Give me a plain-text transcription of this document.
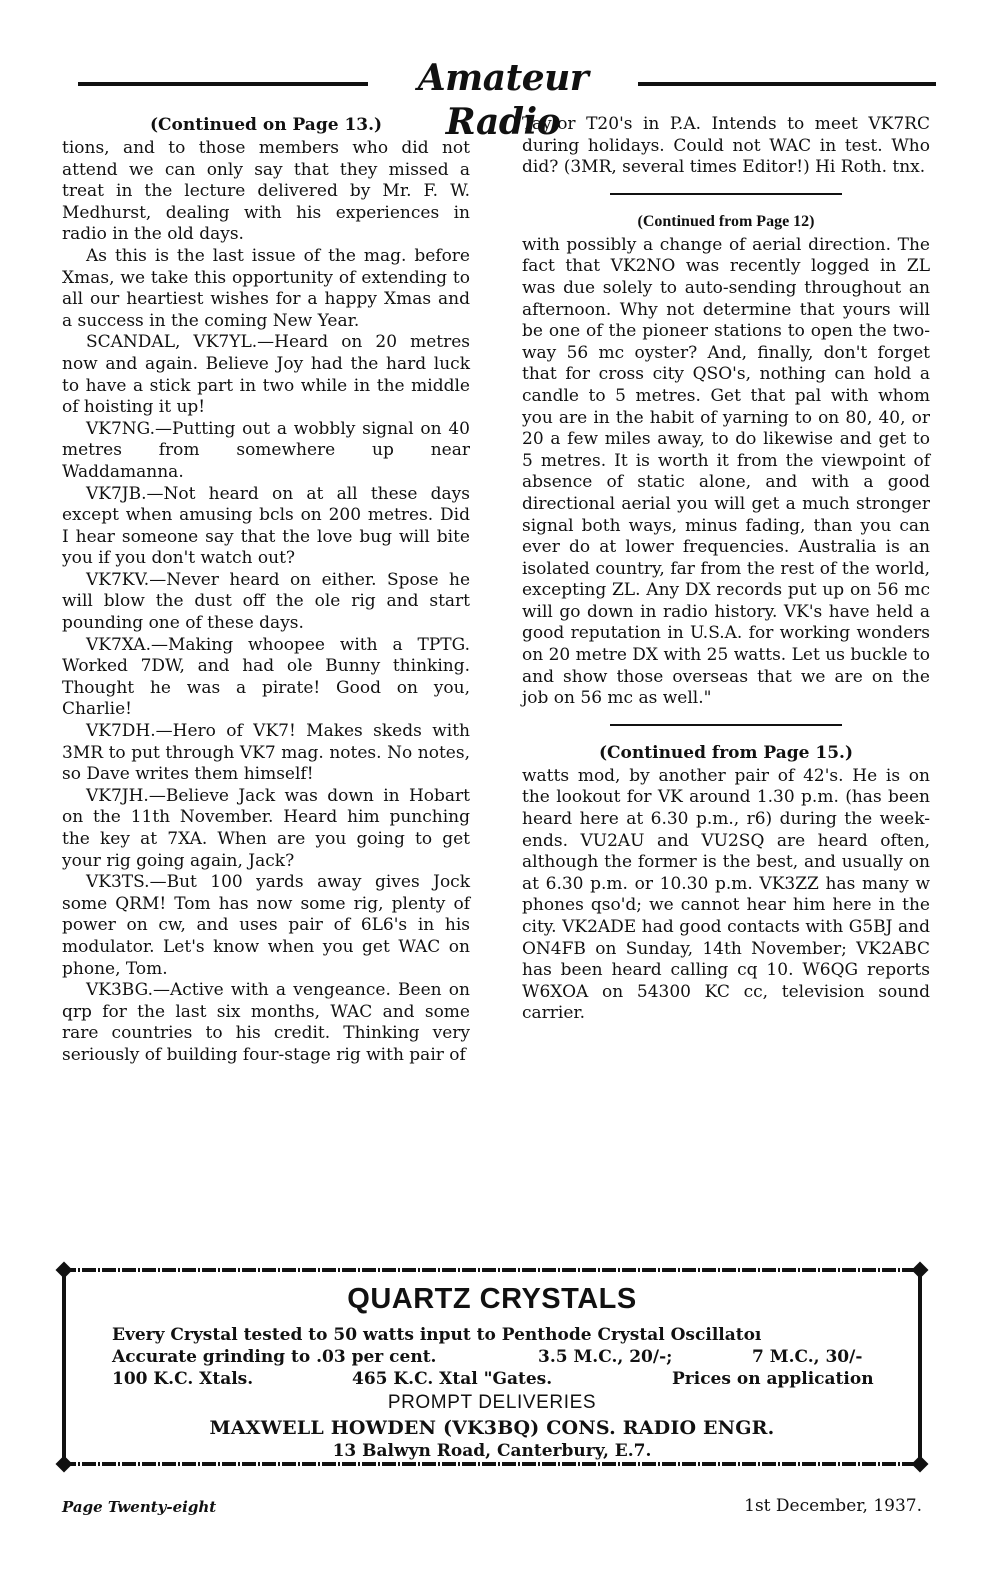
Amateur Radio
(Continued on Page 13.)

tions, and to those members who did not attend we can only say that they missed a treat in the lecture delivered by Mr. F. W. Medhurst, dealing with his experiences in radio in the old days.

As this is the last issue of the mag. before Xmas, we take this opportunity of extending to all our heartiest wishes for a happy Xmas and a success in the coming New Year.

SCANDAL, VK7YL.—Heard on 20 metres now and again. Believe Joy had the hard luck to have a stick part in two while in the middle of hoisting it up!

VK7NG.—Putting out a wobbly signal on 40 metres from somewhere up near Waddamanna.

VK7JB.—Not heard on at all these days except when amusing bcls on 200 metres. Did I hear someone say that the love bug will bite you if you don't watch out?

VK7KV.—Never heard on either. Spose he will blow the dust off the ole rig and start pounding one of these days.

VK7XA.—Making whoopee with a TPTG. Worked 7DW, and had ole Bunny thinking. Thought he was a pirate! Good on you, Charlie!

VK7DH.—Hero of VK7! Makes skeds with 3MR to put through VK7 mag. notes. No notes, so Dave writes them himself!

VK7JH.—Believe Jack was down in Hobart on the 11th November. Heard him punching the key at 7XA. When are you going to get your rig going again, Jack?

VK3TS.—But 100 yards away gives Jock some QRM! Tom has now some rig, plenty of power on cw, and uses pair of 6L6's in his modulator. Let's know when you get WAC on phone, Tom.

VK3BG.—Active with a vengeance. Been on qrp for the last six months, WAC and some rare countries to his credit. Thinking very seriously of building four-stage rig with pair of

Taylor T20's in P.A. Intends to meet VK7RC during holidays. Could not WAC in test. Who did? (3MR, several times Editor!) Hi Roth. tnx.

(Continued from Page 12)

with possibly a change of aerial direction. The fact that VK2NO was recently logged in ZL was due solely to auto-sending throughout an afternoon. Why not determine that yours will be one of the pioneer stations to open the two-way 56 mc oyster? And, finally, don't forget that for cross city QSO's, nothing can hold a candle to 5 metres. Get that pal with whom you are in the habit of yarning to on 80, 40, or 20 a few miles away, to do likewise and get to 5 metres. It is worth it from the viewpoint of absence of static alone, and with a good directional aerial you will get a much stronger signal both ways, minus fading, than you can ever do at lower frequencies. Australia is an isolated country, far from the rest of the world, excepting ZL. Any DX records put up on 56 mc will go down in radio history. VK's have held a good reputation in U.S.A. for working wonders on 20 metre DX with 25 watts. Let us buckle to and show those overseas that we are on the job on 56 mc as well."

(Continued from Page 15.)

watts mod, by another pair of 42's. He is on the lookout for VK around 1.30 p.m. (has been heard here at 6.30 p.m., r6) during the week-ends. VU2AU and VU2SQ are heard often, although the former is the best, and usually on at 6.30 p.m. or 10.30 p.m. VK3ZZ has many w phones qso'd; we cannot hear him here in the city. VK2ADE had good contacts with G5BJ and ON4FB on Sunday, 14th November; VK2ABC has been heard calling cq 10. W6QG reports W6XOA on 54300 KC cc, television sound carrier.

QUARTZ CRYSTALS
Every Crystal tested to 50 watts input to Penthode Crystal Oscillatoı
Accurate grinding to .03 per cent.	3.5 M.C., 20/-;	7 M.C., 30/-
100 K.C. Xtals.	465 K.C. Xtal "Gates.	Prices on application
PROMPT DELIVERIES
MAXWELL HOWDEN (VK3BQ) CONS. RADIO ENGR.
13 Balwyn Road, Canterbury, E.7.
Page Twenty-eight	1st December, 1937.
